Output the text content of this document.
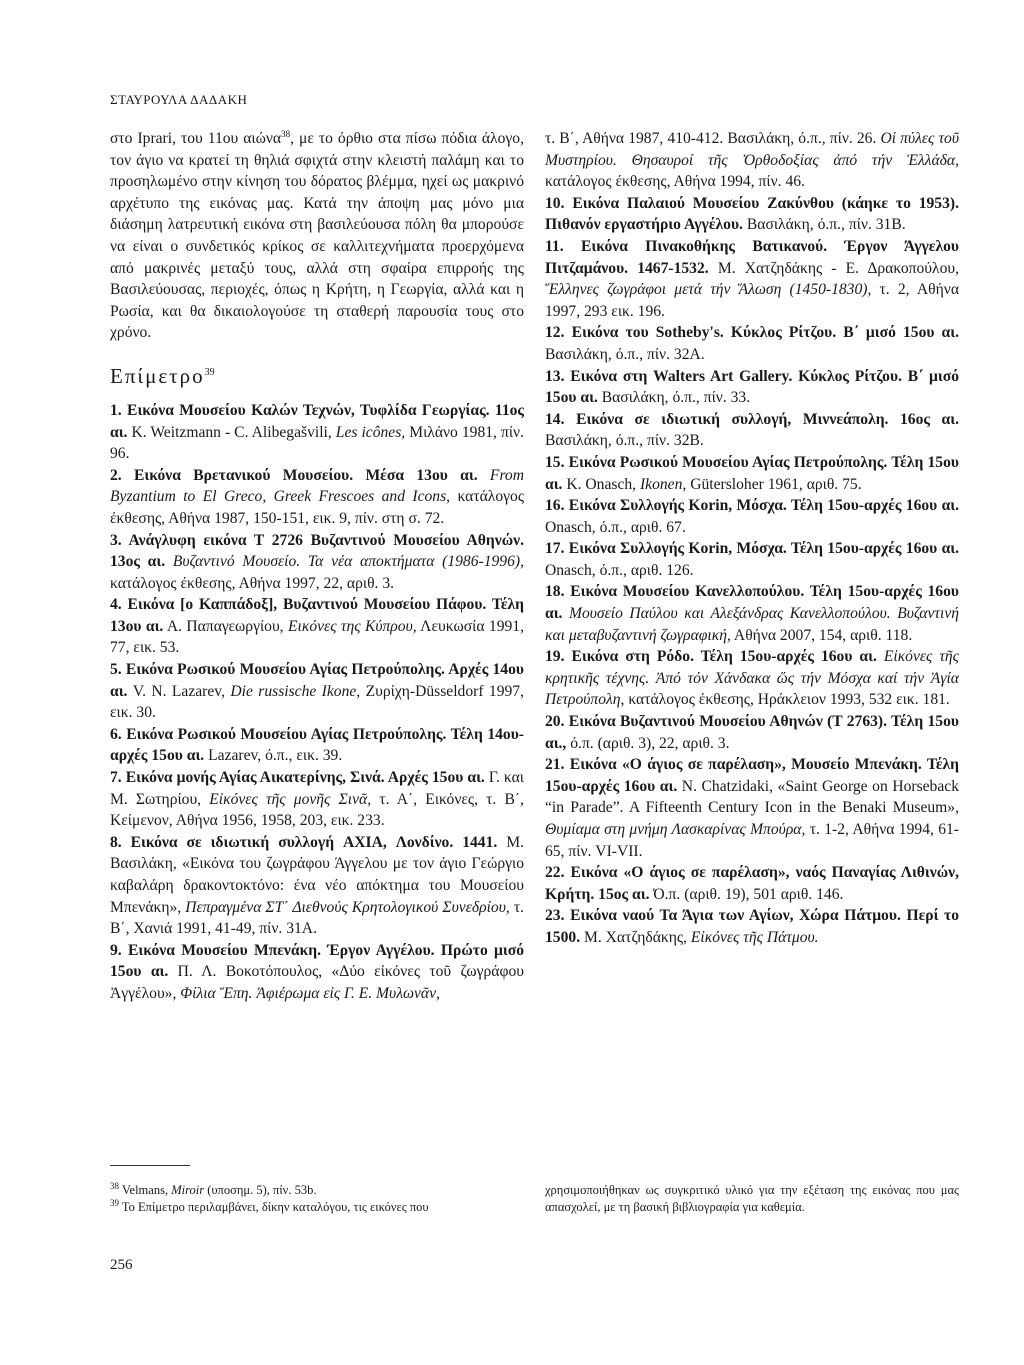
ΣΤΑΥΡΟΥΛΑ ΔΑΔΑΚΗ

στο Iprari, του 11ου αιώνα$^{38}$, με το όρθιο στα πίσω πόδια άλογο, τον άγιο να κρατεί τη θηλιά σφιχτά στην κλειστή παλάμη και το προσηλωμένο στην κίνηση του δόρατος βλέμμα, ηχεί ως μακρινό αρχέτυπο της εικόνας μας. Κατά την άποψη μας μόνο μια διάσημη λατρευτική εικόνα στη βασιλεύουσα πόλη θα μπορούσε να είναι ο συνδετικός κρίκος σε καλλιτεχνήματα προερχόμενα από μακρινές μεταξύ τους, αλλά στη σφαίρα επιρροής της Βασιλεύουσας, περιοχές, όπως η Κρήτη, η Γεωργία, αλλά και η Ρωσία, και θα δικαιολογούσε τη σταθερή παρουσία τους στο χρόνο.

Επίμετρο$^{39}$

1. Εικόνα Μουσείου Καλών Τεχνών, Τυφλίδα Γεωργίας. 11ος αι. K. Weitzmann - C. Alibegašvili, Les icônes, Μιλάνο 1981, πίν. 96.

2. Εικόνα Βρετανικού Μουσείου. Μέσα 13ου αι. From Byzantium to El Greco, Greek Frescoes and Icons, κατάλογος έκθεσης, Αθήνα 1987, 150-151, εικ. 9, πίν. στη σ. 72.

3. Ανάγλυφη εικόνα Τ 2726 Βυζαντινού Μουσείου Αθηνών. 13ος αι. Βυζαντινό Μουσείο. Τα νέα αποκτήματα (1986-1996), κατάλογος έκθεσης, Αθήνα 1997, 22, αριθ. 3.

4. Εικόνα [ο Καππάδοξ], Βυζαντινού Μουσείου Πάφου. Τέλη 13ου αι. Α. Παπαγεωργίου, Εικόνες της Κύπρου, Λευκωσία 1991, 77, εικ. 53.

5. Εικόνα Ρωσικού Μουσείου Αγίας Πετρούπολης. Αρχές 14ου αι. V. N. Lazarev, Die russische Ikone, Ζυρίχη-Düsseldorf 1997, εικ. 30.

6. Εικόνα Ρωσικού Μουσείου Αγίας Πετρούπολης. Τέλη 14ου-αρχές 15ου αι. Lazarev, ό.π., εικ. 39.

7. Εικόνα μονής Αγίας Αικατερίνης, Σινά. Αρχές 15ου αι. Γ. και Μ. Σωτηρίου, Εἰκόνες τῆς μονῆς Σινᾶ, τ. Α΄, Εικόνες, τ. Β΄, Κείμενον, Αθήνα 1956, 1958, 203, εικ. 233.

8. Εικόνα σε ιδιωτική συλλογή AXIA, Λονδίνο. 1441. Μ. Βασιλάκη, «Εικόνα του ζωγράφου Άγγελου με τον άγιο Γεώργιο καβαλάρη δρακοντοκτόνο: ένα νέο απόκτημα του Μουσείου Μπενάκη», Πεπραγμένα ΣΤ΄ Διεθνούς Κρητολογικού Συνεδρίου, τ. Β΄, Χανιά 1991, 41-49, πίν. 31Α.

9. Εικόνα Μουσείου Μπενάκη. Έργον Αγγέλου. Πρώτο μισό 15ου αι. Π. Λ. Βοκοτόπουλος, «Δύο εἰκόνες τοῦ ζωγράφου Ἀγγέλου», Φίλια Ἔπη. Ἀφιέρωμα εἰς Γ. Ε. Μυλωνᾶν,

τ. Β΄, Αθήνα 1987, 410-412. Βασιλάκη, ό.π., πίν. 26. Οἱ πύλες τοῦ Μυστηρίου. Θησαυροί τῆς Ὀρθοδοξίας ἀπό τήν Ἑλλάδα, κατάλογος έκθεσης, Αθήνα 1994, πίν. 46.

10. Εικόνα Παλαιού Μουσείου Ζακύνθου (κάηκε το 1953). Πιθανόν εργαστήριο Αγγέλου. Βασιλάκη, ό.π., πίν. 31Β.

11. Εικόνα Πινακοθήκης Βατικανού. Έργον Άγγελου Πιτζαμάνου. 1467-1532. Μ. Χατζηδάκης - Ε. Δρακοπούλου, Ἕλληνες ζωγράφοι μετά τήν Ἅλωση (1450-1830), τ. 2, Αθήνα 1997, 293 εικ. 196.

12. Εικόνα του Sotheby's. Κύκλος Ρίτζου. Β΄ μισό 15ου αι. Βασιλάκη, ό.π., πίν. 32Α.

13. Εικόνα στη Walters Art Gallery. Κύκλος Ρίτζου. Β΄ μισό 15ου αι. Βασιλάκη, ό.π., πίν. 33.

14. Εικόνα σε ιδιωτική συλλογή, Μιννεάπολη. 16ος αι. Βασιλάκη, ό.π., πίν. 32Β.

15. Εικόνα Ρωσικού Μουσείου Αγίας Πετρούπολης. Τέλη 15ου αι. K. Onasch, Ikonen, Gütersloher 1961, αριθ. 75.

16. Εικόνα Συλλογής Korin, Μόσχα. Τέλη 15ου-αρχές 16ου αι. Onasch, ό.π., αριθ. 67.

17. Εικόνα Συλλογής Korin, Μόσχα. Τέλη 15ου-αρχές 16ου αι. Onasch, ό.π., αριθ. 126.

18. Εικόνα Μουσείου Κανελλοπούλου. Τέλη 15ου-αρχές 16ου αι. Μουσείο Παύλου και Αλεξάνδρας Κανελλοπούλου. Βυζαντινή και μεταβυζαντινή ζωγραφική, Αθήνα 2007, 154, αριθ. 118.

19. Εικόνα στη Ρόδο. Τέλη 15ου-αρχές 16ου αι. Εἰκόνες τῆς κρητικῆς τέχνης. Ἀπό τόν Χάνδακα ὥς τήν Μόσχα καί τήν Ἁγία Πετρούπολη, κατάλογος έκθεσης, Ηράκλειον 1993, 532 εικ. 181.

20. Εικόνα Βυζαντινού Μουσείου Αθηνών (Τ 2763). Τέλη 15ου αι., ό.π. (αριθ. 3), 22, αριθ. 3.

21. Εικόνα «Ο άγιος σε παρέλαση», Μουσείο Μπενάκη. Τέλη 15ου-αρχές 16ου αι. N. Chatzidaki, «Saint George on Horseback “in Parade”. A Fifteenth Century Icon in the Benaki Museum», Θυμίαμα στη μνήμη Λασκαρίνας Μπούρα, τ. 1-2, Αθήνα 1994, 61-65, πίν. VI-VII.

22. Εικόνα «Ο άγιος σε παρέλαση», ναός Παναγίας Λιθινών, Κρήτη. 15ος αι. Ό.π. (αριθ. 19), 501 αριθ. 146.

23. Εικόνα ναού Τα Άγια των Αγίων, Χώρα Πάτμου. Περί το 1500. Μ. Χατζηδάκης, Εἰκόνες τῆς Πάτμου.

$^{38}$ Velmans, Miroir (υποσημ. 5), πίν. 53b.

$^{39}$ Το Επίμετρο περιλαμβάνει, δίκην καταλόγου, τις εικόνες που

χρησιμοποιήθηκαν ως συγκριτικό υλικό για την εξέταση της εικόνας που μας απασχολεί, με τη βασική βιβλιογραφία για καθεμία.

256
